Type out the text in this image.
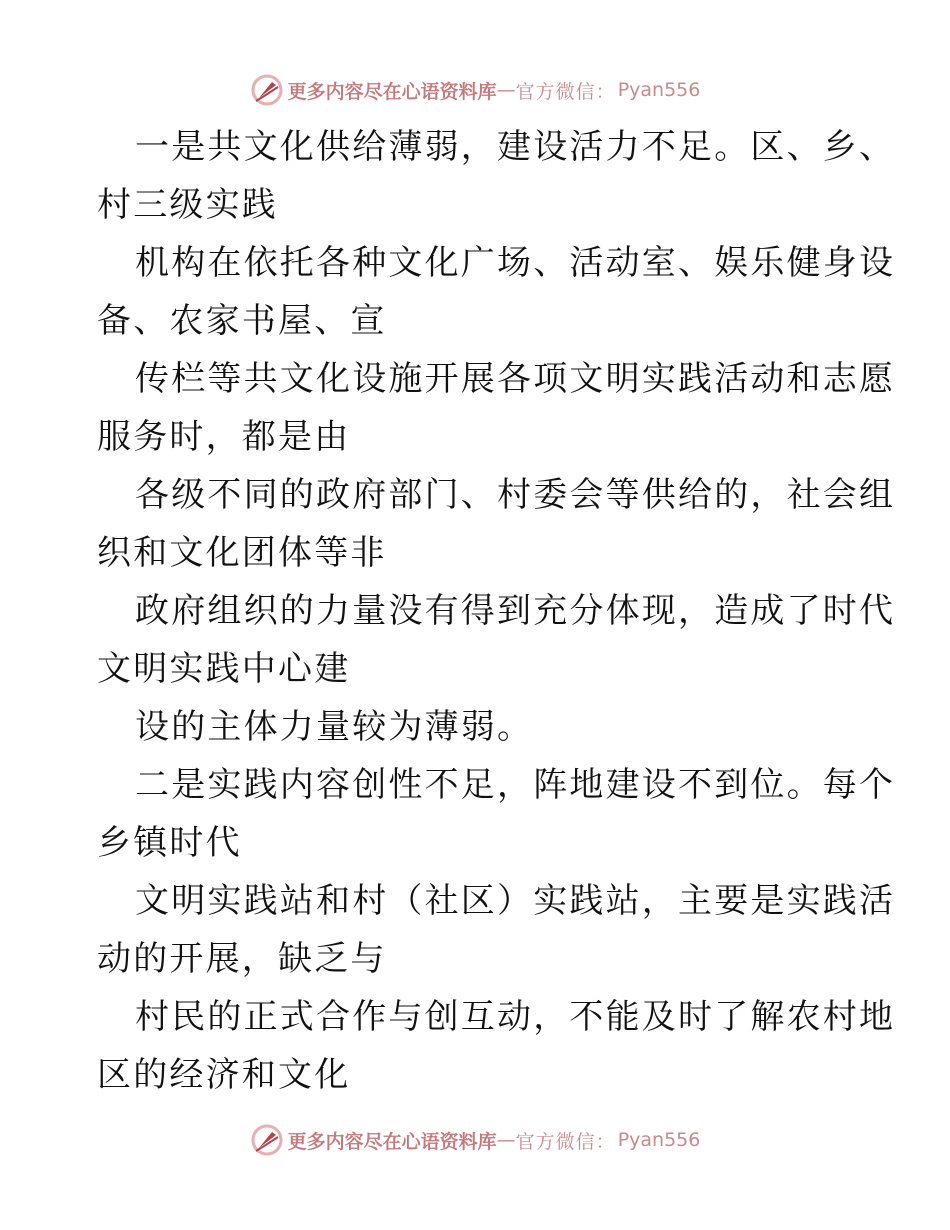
更多内容尽在心语资料库 — 官方微信： Pyan556
一是共文化供给薄弱，建设活力不足。区、乡、
村三级实践
机构在依托各种文化广场、活动室、娱乐健身设
备、农家书屋、宣
传栏等共文化设施开展各项文明实践活动和志愿
服务时，都是由
各级不同的政府部门、村委会等供给的，社会组
织和文化团体等非
政府组织的力量没有得到充分体现，造成了时代
文明实践中心建
设的主体力量较为薄弱。
二是实践内容创性不足，阵地建设不到位。每个
乡镇时代
文明实践站和村（社区）实践站，主要是实践活
动的开展，缺乏与
村民的正式合作与创互动，不能及时了解农村地
区的经济和文化
更多内容尽在心语资料库 — 官方微信： Pyan556
